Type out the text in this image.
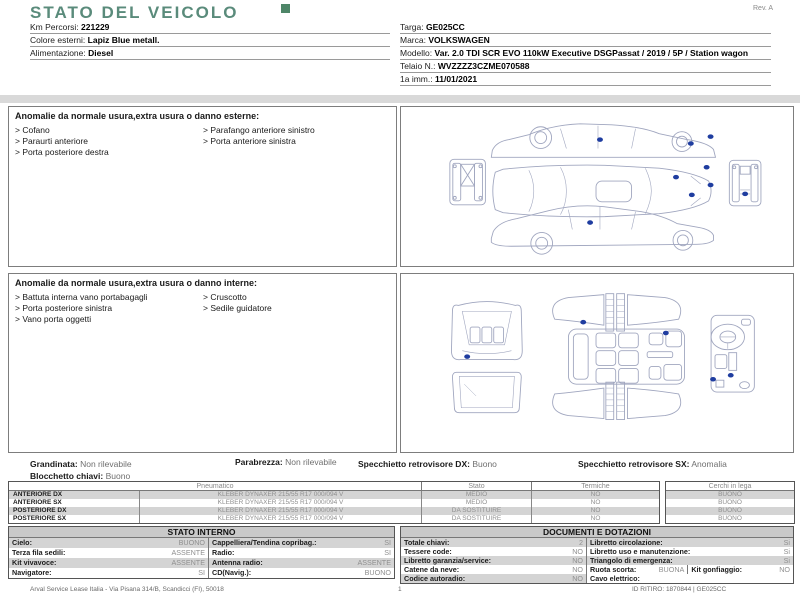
STATO DEL VEICOLO	Rev. A
Km Percorsi: 221229
Colore esterni: Lapiz Blue metall.
Alimentazione: Diesel
Targa: GE025CC
Marca: VOLKSWAGEN
Modello: Var. 2.0 TDI SCR EVO 110kW Executive DSGPassat / 2019 / 5P / Station wagon
Telaio N.: WVZZZZ3CZME070588
1a imm.: 11/01/2021
Anomalie da normale usura,extra usura o danno esterne:
> Cofano
> Paraurti anteriore
> Porta posteriore destra
> Parafango anteriore sinistro
> Porta anteriore sinistra
Anomalie da normale usura,extra usura o danno interne:
> Battuta interna vano portabagagli
> Porta posteriore sinistra
> Vano porta oggetti
> Cruscotto
> Sedile guidatore
Grandinata: Non rilevabile	Parabrezza: Non rilevabile	Specchietto retrovisore DX: Buono	Specchietto retrovisore SX: Anomalia
Blocchetto chiavi: Buono
Pneumatico	Stato	Termiche
ANTERIORE DX	KLEBER DYNAXER 215/55 R17 000/094 V	MEDIO	NO
ANTERIORE SX	KLEBER DYNAXER 215/55 R17 000/094 V	MEDIO	NO
POSTERIORE DX	KLEBER DYNAXER 215/55 R17 000/094 V	DA SOSTITUIRE	NO
POSTERIORE SX	KLEBER DYNAXER 215/55 R17 000/094 V	DA SOSTITUIRE	NO
Cerchi in lega
BUONO
BUONO
BUONO
BUONO
STATO INTERNO
Cielo:	BUONO Cappelliera/Tendina copribag.:	SI
Terza fila sedili:	ASSENTE Radio:	SI
Kit vivavoce:	ASSENTE Antenna radio:	ASSENTE
Navigatore:	SI CD(Navig.):	BUONO
DOCUMENTI E DOTAZIONI
Totale chiavi:	2 Libretto circolazione:	Si
Tessere code:	NO Libretto uso e manutenzione:	Si
Libretto garanzia/service:	NO Triangolo di emergenza:	Si
Catene da neve:	NO Ruota scorta:	BUONA Kit gonfiaggio:	NO
Codice autoradio:	NO Cavo elettrico:
Arval Service Lease Italia - Via Pisana 314/B, Scandicci (FI), 50018	1	ID RITIRO: 1870844 | GE025CC
